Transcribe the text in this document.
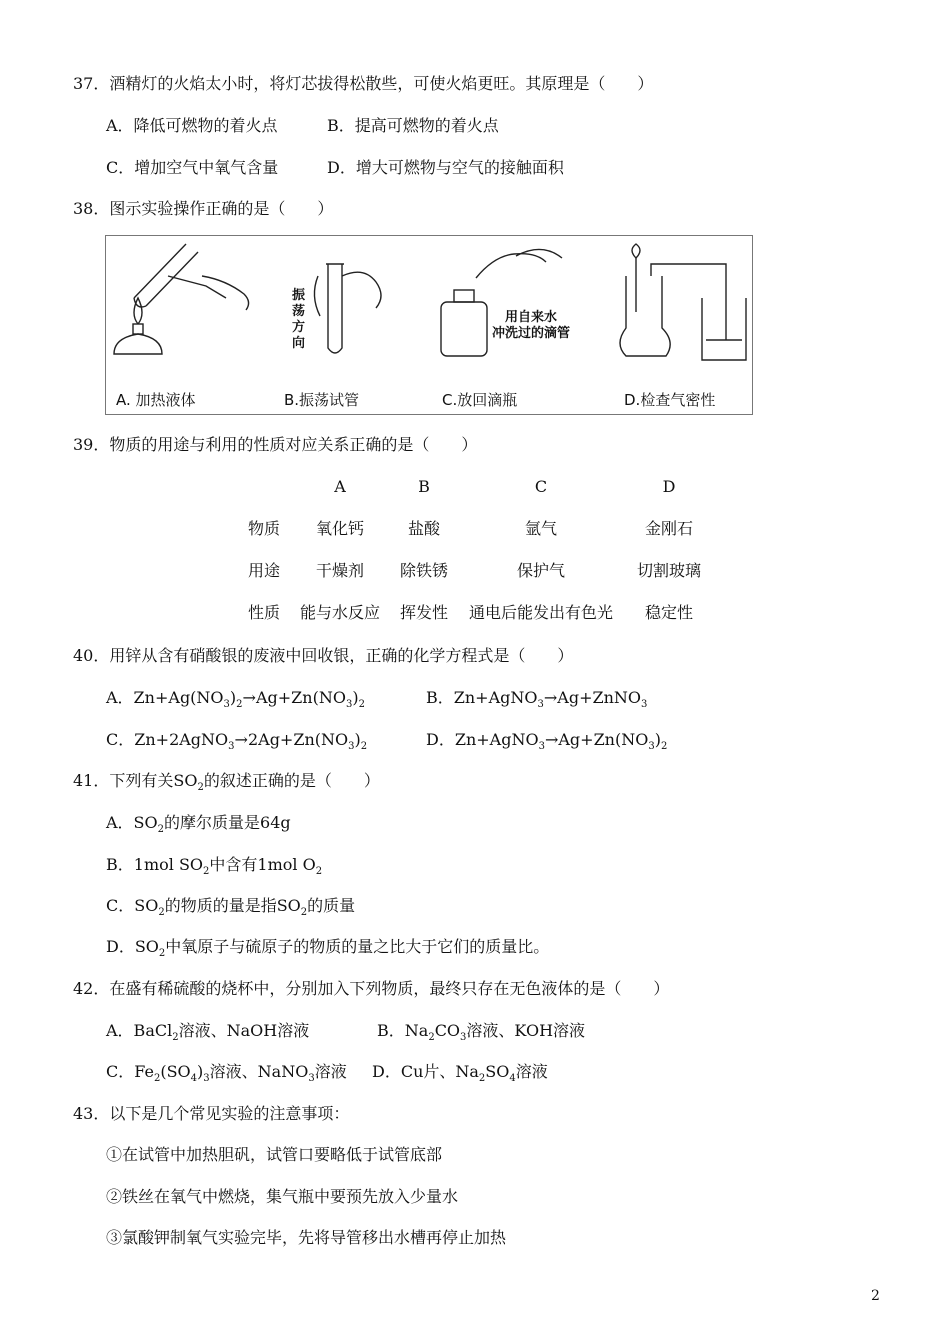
37．酒精灯的火焰太小时，将灯芯拔得松散些，可使火焰更旺。其原理是（　　）
A．降低可燃物的着火点	B．提高可燃物的着火点
C．增加空气中氧气含量	D．增大可燃物与空气的接触面积
38．图示实验操作正确的是（　　）
振
荡
方
向
用自来水
冲洗过的滴管
A. 加热液体	B.振荡试管	C.放回滴瓶	D.检查气密性
39．物质的用途与利用的性质对应关系正确的是（　　）
A	B	C	D
物质	氧化钙	盐酸	氩气	金刚石
用途	干燥剂	除铁锈	保护气	切割玻璃
性质	能与水反应	挥发性	通电后能发出有色光	稳定性
40．用锌从含有硝酸银的废液中回收银，正确的化学方程式是（　　）
A．$Zn+Ag(NO_3)_2\to Ag+Zn(NO_3)_2$	B．Zn+AgNO$_3$→Ag+ZnNO$_3$
C．$Zn+2AgNO_3\to 2Ag+Zn(NO_3)_2$	D．$Zn+AgNO_3\to Ag+Zn(NO_3)_2$
41．下列有关$SO_2$的叙述正确的是（　　）
A．$SO_2$的摩尔质量是64g
B．1mol $SO_2$中含有1mol $O_2$
C．$SO_2$的物质的量是指$SO_2$的质量
D．$SO_2$中氧原子与硫原子的物质的量之比大于它们的质量比。
42．在盛有稀硫酸的烧杯中，分别加入下列物质，最终只存在无色液体的是（　　）
A．BaCl$_2$溶液、NaOH溶液	B．$Na_2CO_3$溶液、KOH溶液
C．$Fe_2(SO_4)_3$溶液、NaNO$_3$溶液 D．Cu片、$Na_2SO_4$溶液
43．以下是几个常见实验的注意事项：
①在试管中加热胆矾，试管口要略低于试管底部
②铁丝在氧气中燃烧，集气瓶中要预先放入少量水
③氯酸钾制氧气实验完毕，先将导管移出水槽再停止加热
2
